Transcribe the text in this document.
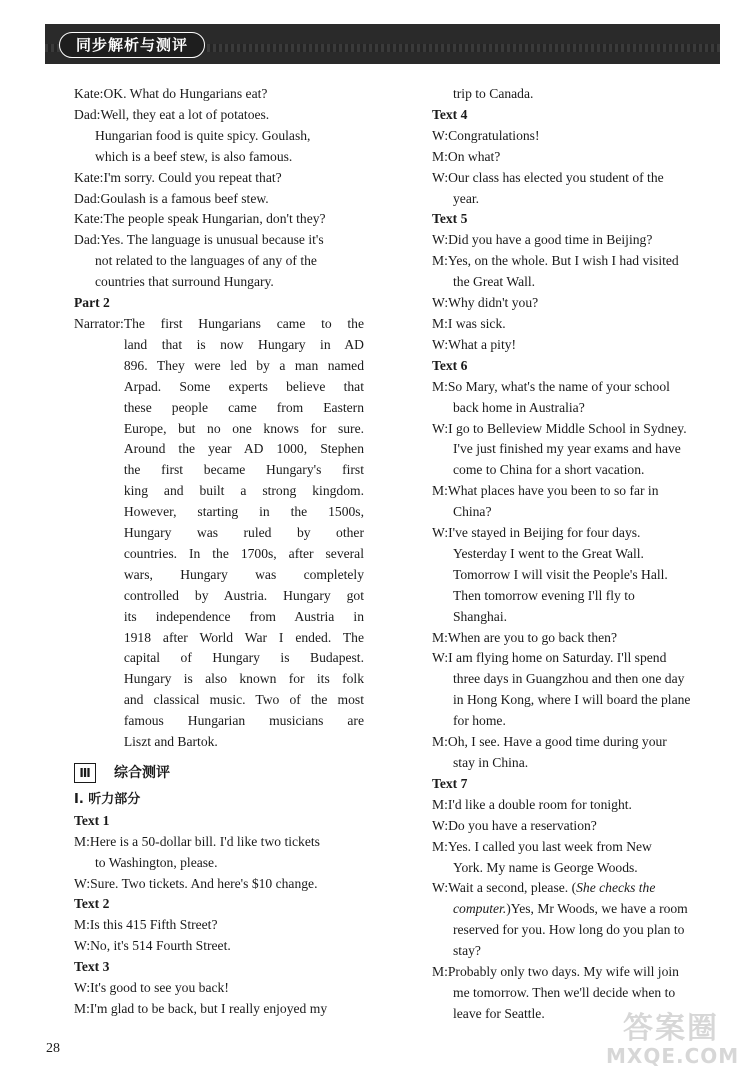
同步解析与测评
Kate: OK. What do Hungarians eat?
Dad: Well, they eat a lot of potatoes.
Hungarian food is quite spicy. Goulash,
which is a beef stew, is also famous.
Kate: I'm sorry. Could you repeat that?
Dad: Goulash is a famous beef stew.
Kate: The people speak Hungarian, don't they?
Dad: Yes. The language is unusual because it's
not related to the languages of any of the
countries that surround Hungary.
Part 2
Narrator: The first Hungarians came to the
land that is now Hungary in AD
896. They were led by a man named
Arpad. Some experts believe that
these people came from Eastern
Europe, but no one knows for sure.
Around the year AD 1000, Stephen
the first became Hungary's first
king and built a strong kingdom.
However, starting in the 1500s,
Hungary was ruled by other
countries. In the 1700s, after several
wars, Hungary was completely
controlled by Austria. Hungary got
its independence from Austria in
1918 after World War I ended. The
capital of Hungary is Budapest.
Hungary is also known for its folk
and classical music. Two of the most
famous Hungarian musicians are
Liszt and Bartok.
Ⅲ	综合测评
Ⅰ. 听力部分
Text 1
M: Here is a 50-dollar bill. I'd like two tickets
to Washington, please.
W: Sure. Two tickets. And here's $10 change.
Text 2
M: Is this 415 Fifth Street?
W: No, it's 514 Fourth Street.
Text 3
W: It's good to see you back!
M: I'm glad to be back, but I really enjoyed my
trip to Canada.
Text 4
W: Congratulations!
M: On what?
W: Our class has elected you student of the
year.
Text 5
W: Did you have a good time in Beijing?
M: Yes, on the whole. But I wish I had visited
the Great Wall.
W: Why didn't you?
M: I was sick.
W: What a pity!
Text 6
M: So Mary, what's the name of your school
back home in Australia?
W: I go to Belleview Middle School in Sydney.
I've just finished my year exams and have
come to China for a short vacation.
M: What places have you been to so far in
China?
W: I've stayed in Beijing for four days.
Yesterday I went to the Great Wall.
Tomorrow I will visit the People's Hall.
Then tomorrow evening I'll fly to
Shanghai.
M: When are you to go back then?
W: I am flying home on Saturday. I'll spend
three days in Guangzhou and then one day
in Hong Kong, where I will board the plane
for home.
M: Oh, I see. Have a good time during your
stay in China.
Text 7
M: I'd like a double room for tonight.
W: Do you have a reservation?
M: Yes. I called you last week from New
York. My name is George Woods.
W: Wait a second, please. (She checks the
computer.)Yes, Mr Woods, we have a room
reserved for you. How long do you plan to
stay?
M: Probably only two days. My wife will join
me tomorrow. Then we'll decide when to
leave for Seattle.
28
答案圈
MXQE.COM
